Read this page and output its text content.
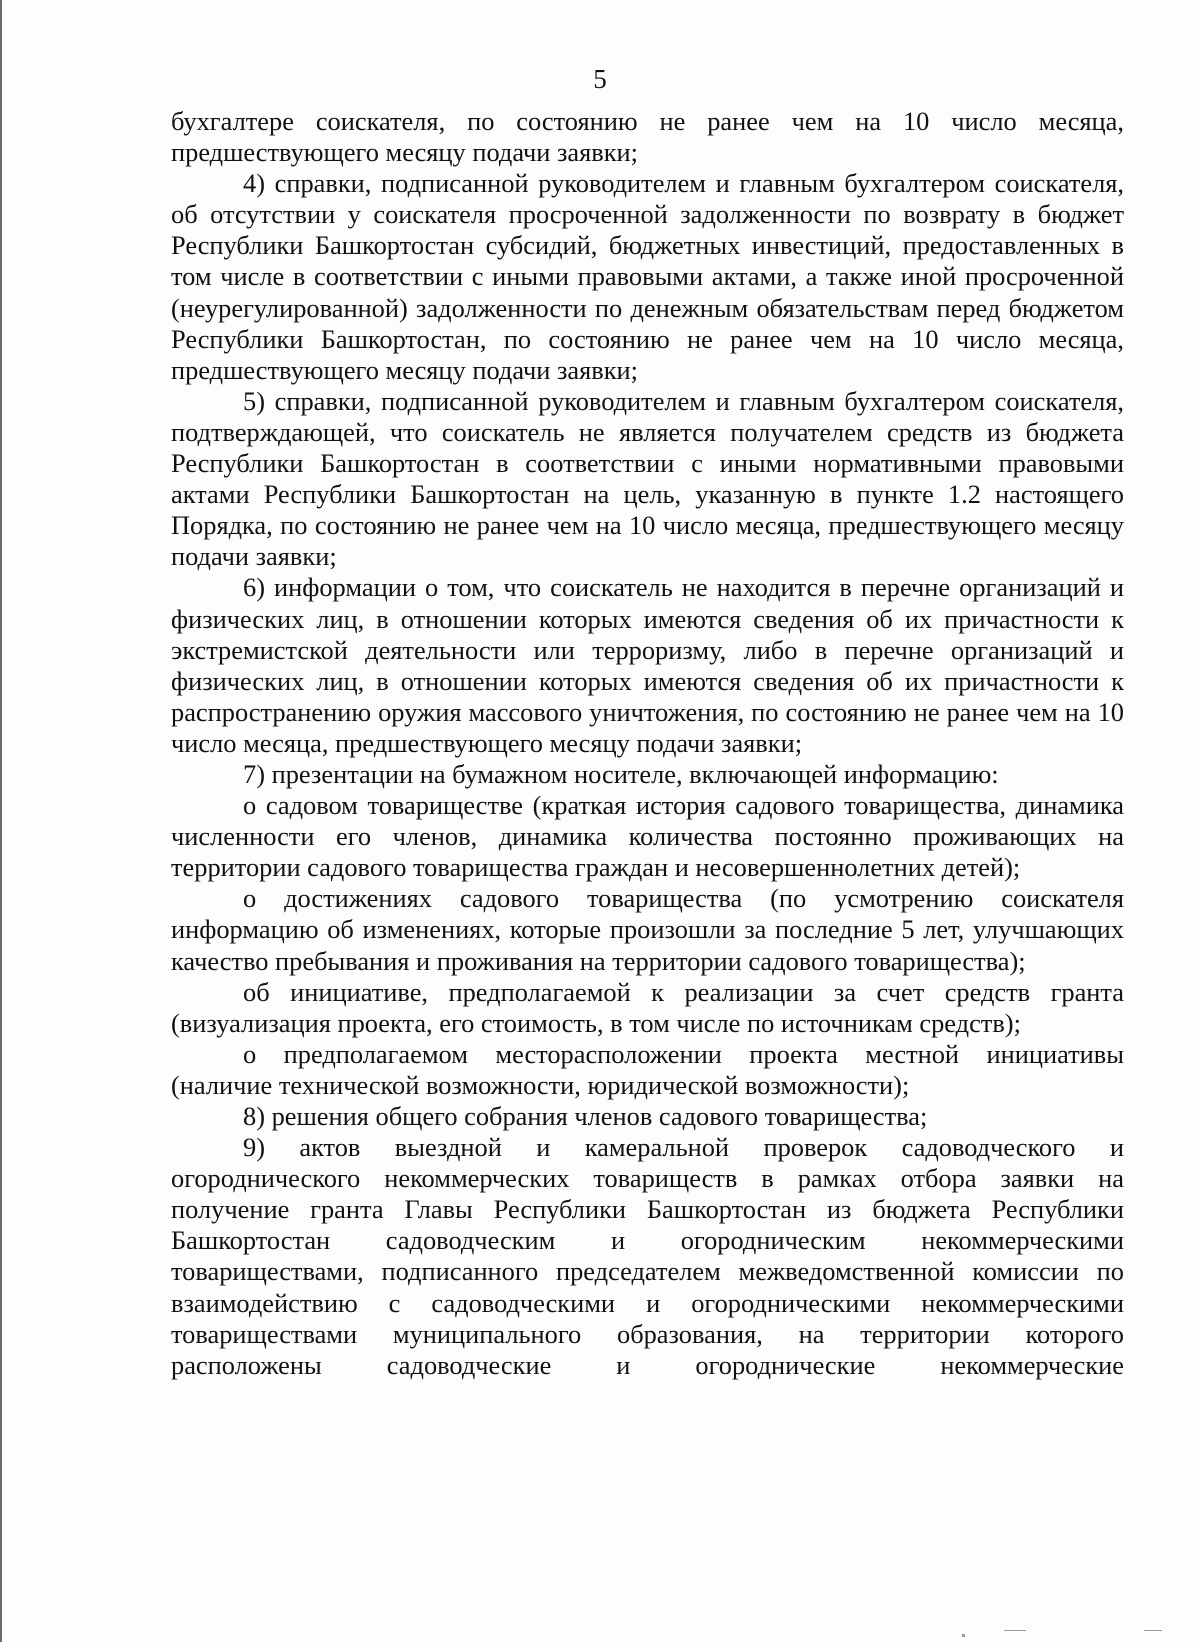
5

бухгалтере соискателя, по состоянию не ранее чем на 10 число месяца, предшествующего месяцу подачи заявки;

4) справки, подписанной руководителем и главным бухгалтером соискателя, об отсутствии у соискателя просроченной задолженности по возврату в бюджет Республики Башкортостан субсидий, бюджетных инвестиций, предоставленных в том числе в соответствии с иными правовыми актами, а также иной просроченной (неурегулированной) задолженности по денежным обязательствам перед бюджетом Республики Башкортостан, по состоянию не ранее чем на 10 число месяца, предшествующего месяцу подачи заявки;

5) справки, подписанной руководителем и главным бухгалтером соискателя, подтверждающей, что соискатель не является получателем средств из бюджета Республики Башкортостан в соответствии с иными нормативными правовыми актами Республики Башкортостан на цель, указанную в пункте 1.2 настоящего Порядка, по состоянию не ранее чем на 10 число месяца, предшествующего месяцу подачи заявки;

6) информации о том, что соискатель не находится в перечне организаций и физических лиц, в отношении которых имеются сведения об их причастности к экстремистской деятельности или терроризму, либо в перечне организаций и физических лиц, в отношении которых имеются сведения об их причастности к распространению оружия массового уничтожения, по состоянию не ранее чем на 10 число месяца, предшествующего месяцу подачи заявки;

7) презентации на бумажном носителе, включающей информацию:

о садовом товариществе (краткая история садового товарищества, динамика численности его членов, динамика количества постоянно проживающих на территории садового товарищества граждан и несовершеннолетних детей);

о достижениях садового товарищества (по усмотрению соискателя информацию об изменениях, которые произошли за последние 5 лет, улучшающих качество пребывания и проживания на территории садового товарищества);

об инициативе, предполагаемой к реализации за счет средств гранта (визуализация проекта, его стоимость, в том числе по источникам средств);

о предполагаемом месторасположении проекта местной инициативы (наличие технической возможности, юридической возможности);

8) решения общего собрания членов садового товарищества;

9) актов выездной и камеральной проверок садоводческого и огороднического некоммерческих товариществ в рамках отбора заявки на получение гранта Главы Республики Башкортостан из бюджета Республики Башкортостан садоводческим и огородническим некоммерческими товариществами, подписанного председателем межведомственной комиссии по взаимодействию с садоводческими и огородническими некоммерческими товариществами муниципального образования, на территории которого расположены садоводческие и огороднические некоммерческие
